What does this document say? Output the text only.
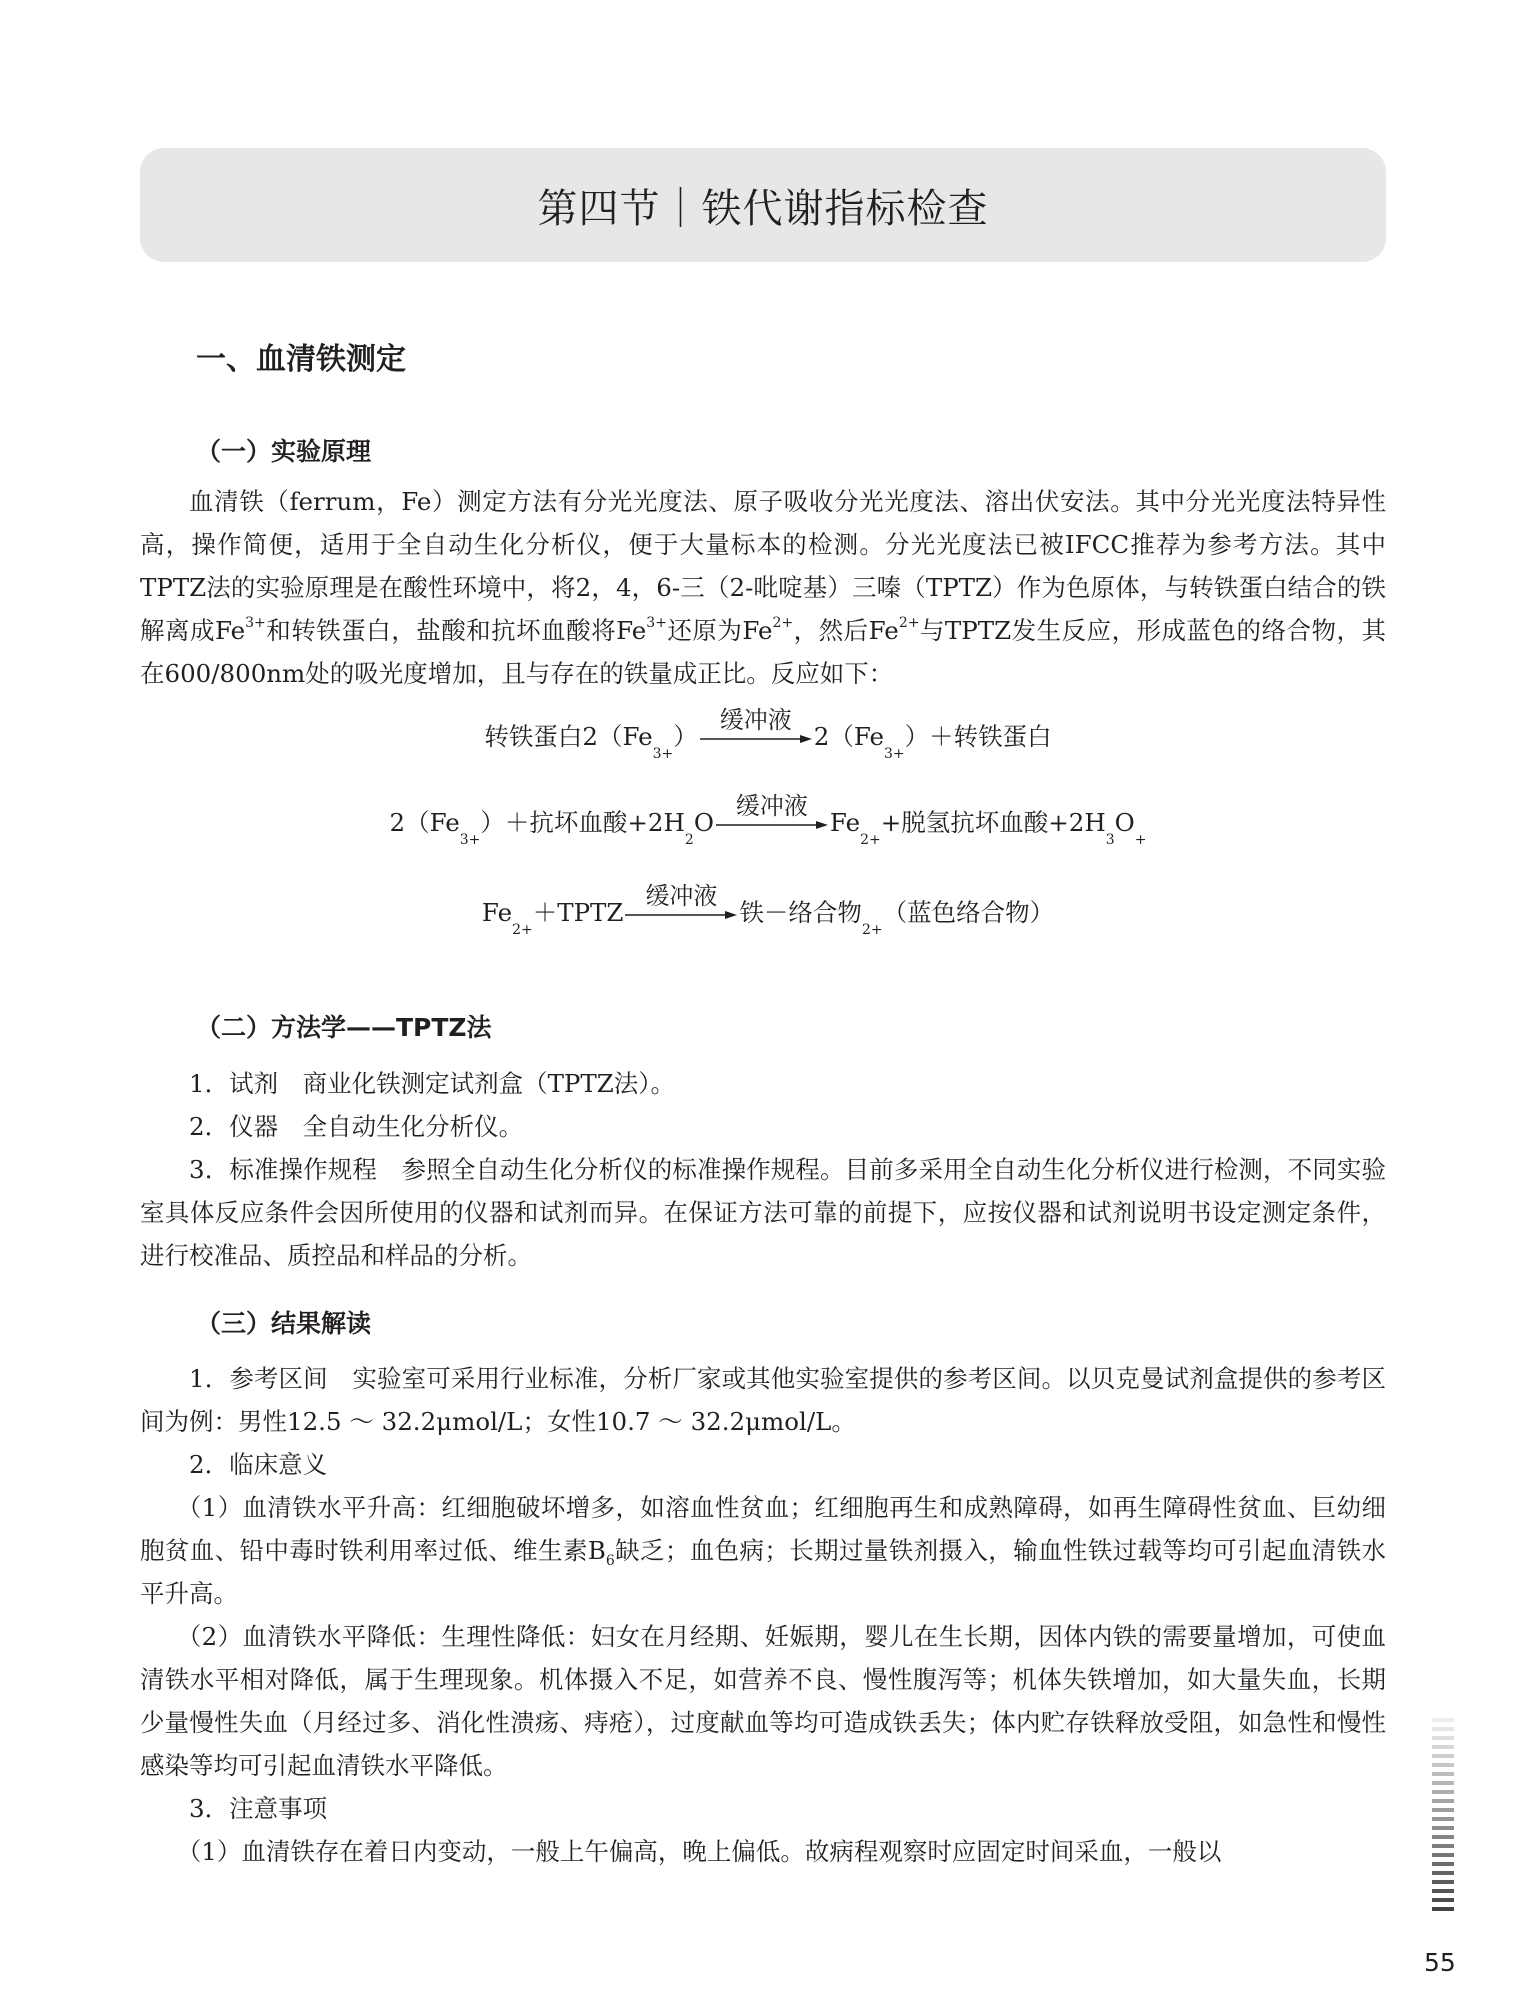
第四节｜铁代谢指标检查
一、血清铁测定
（一）实验原理

血清铁（ferrum，Fe）测定方法有分光光度法、原子吸收分光光度法、溶出伏安法。其中分光光度法特异性高，操作简便，适用于全自动生化分析仪，便于大量标本的检测。分光光度法已被IFCC推荐为参考方法。其中TPTZ法的实验原理是在酸性环境中，将2，4，6-三（2-吡啶基）三嗪（TPTZ）作为色原体，与转铁蛋白结合的铁解离成$Fe^{3+}$和转铁蛋白，盐酸和抗坏血酸将$Fe^{3+}$还原为$Fe^{2+}$，然后$Fe^{2+}$与TPTZ发生反应，形成蓝色的络合物，其在600/800nm处的吸光度增加，且与存在的铁量成正比。反应如下：

转铁蛋白2（Fe
3+
）
缓冲液
2（Fe
3+
）＋转铁蛋白
2（Fe
3+
）＋抗坏血酸+2H
2
O
缓冲液
Fe
2+
+脱氢抗坏血酸+2H
3
O
+
Fe
2+
＋TPTZ
缓冲液
铁－络合物
2+
（蓝色络合物）
（二）方法学——TPTZ法

1．试剂　商业化铁测定试剂盒（TPTZ法）。

2．仪器　全自动生化分析仪。

3．标准操作规程　参照全自动生化分析仪的标准操作规程。目前多采用全自动生化分析仪进行检测，不同实验室具体反应条件会因所使用的仪器和试剂而异。在保证方法可靠的前提下，应按仪器和试剂说明书设定测定条件，进行校准品、质控品和样品的分析。

（三）结果解读

1．参考区间　实验室可采用行业标准，分析厂家或其他实验室提供的参考区间。以贝克曼试剂盒提供的参考区间为例：男性12.5 ～ 32.2μmol/L；女性10.7 ～ 32.2μmol/L。

2．临床意义

（1）血清铁水平升高：红细胞破坏增多，如溶血性贫血；红细胞再生和成熟障碍，如再生障碍性贫血、巨幼细胞贫血、铅中毒时铁利用率过低、维生素$B_6$缺乏；血色病；长期过量铁剂摄入，输血性铁过载等均可引起血清铁水平升高。

（2）血清铁水平降低：生理性降低：妇女在月经期、妊娠期，婴儿在生长期，因体内铁的需要量增加，可使血清铁水平相对降低，属于生理现象。机体摄入不足，如营养不良、慢性腹泻等；机体失铁增加，如大量失血，长期少量慢性失血（月经过多、消化性溃疡、痔疮），过度献血等均可造成铁丢失；体内贮存铁释放受阻，如急性和慢性感染等均可引起血清铁水平降低。

3．注意事项

（1）血清铁存在着日内变动，一般上午偏高，晚上偏低。故病程观察时应固定时间采血，一般以

55
